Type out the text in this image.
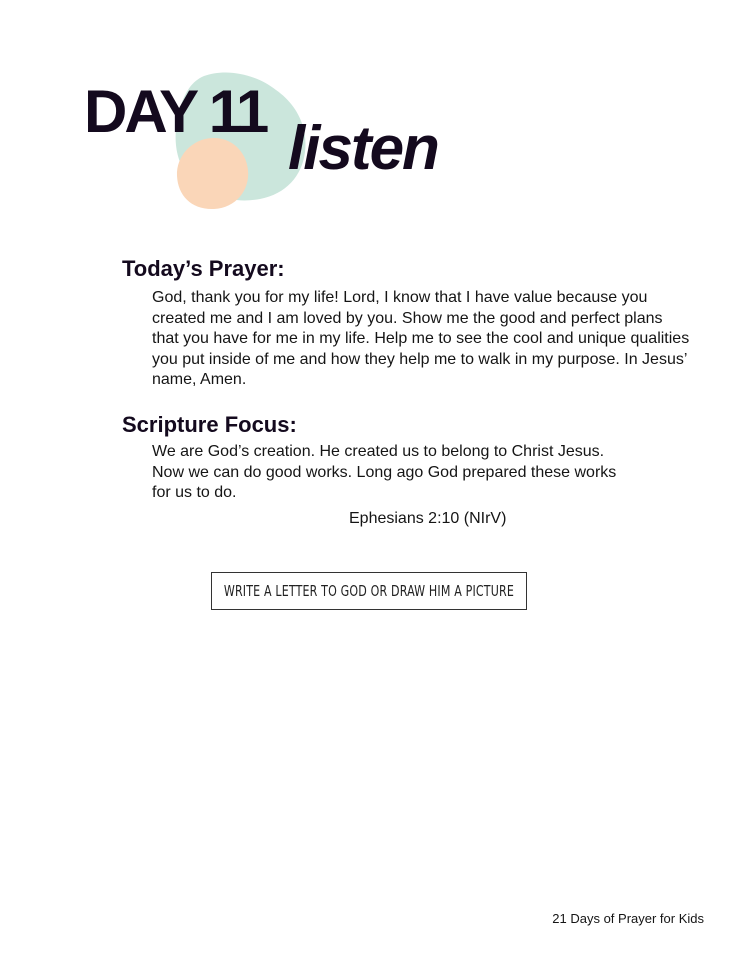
DAY 11
listen
Today’s Prayer:

God, thank you for my life! Lord, I know that I have value because you created me and I am loved by you. Show me the good and perfect plans that you have for me in my life. Help me to see the cool and unique qualities you put inside of me and how they help me to walk in my purpose. In Jesus’ name, Amen.

Scripture Focus:

We are God’s creation. He created us to belong to Christ Jesus. Now we can do good works. Long ago God prepared these works for us to do.

Ephesians 2:10 (NIrV)
WRITE A LETTER TO GOD OR DRAW HIM A PICTURE
21 Days of Prayer for Kids
